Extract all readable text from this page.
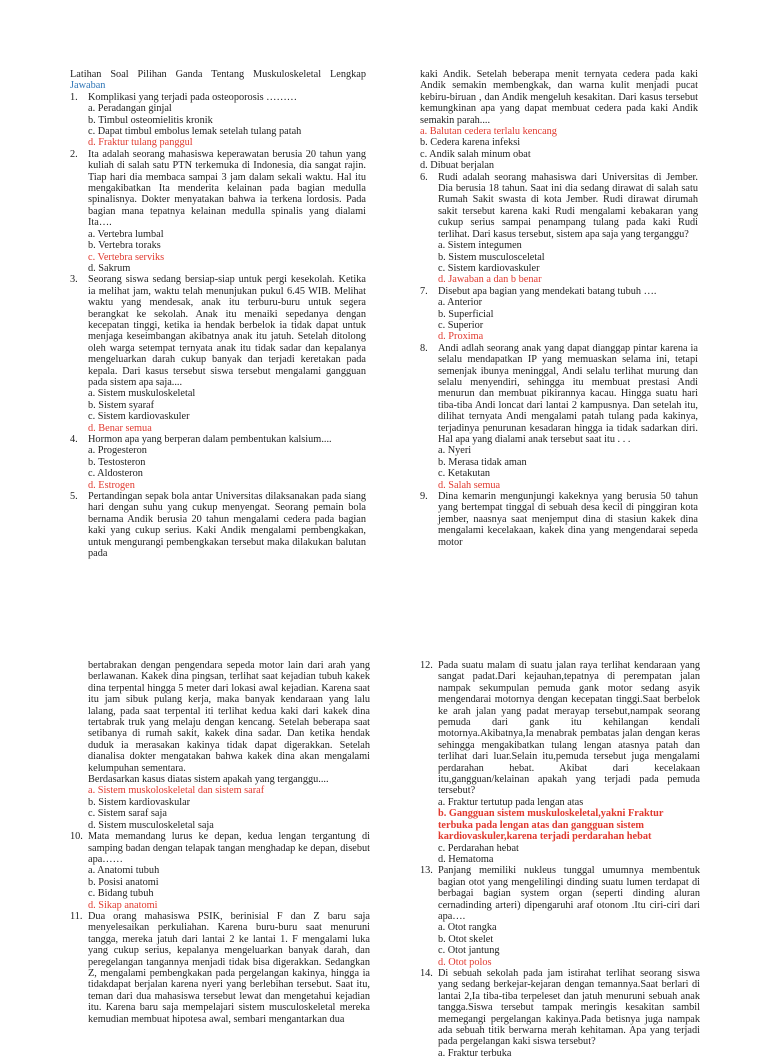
Latihan Soal Pilihan Ganda Tentang Muskuloskeletal Lengkap Jawaban
1. Komplikasi yang terjadi pada osteoporosis ………
a. Peradangan ginjal
b. Timbul osteomielitis kronik
c. Dapat timbul embolus lemak setelah tulang patah
d. Fraktur tulang panggul
2. Ita adalah seorang mahasiswa keperawatan berusia 20 tahun yang kuliah di salah satu PTN terkemuka di Indonesia, dia sangat rajin. Tiap hari dia membaca sampai 3 jam dalam sekali waktu. Hal itu mengakibatkan Ita menderita kelainan pada bagian medulla spinalisnya. Dokter menyatakan bahwa ia terkena lordosis. Pada bagian mana tepatnya kelainan medulla spinalis yang dialami Ita….
a. Vertebra lumbal
b. Vertebra toraks
c. Vertebra serviks
d. Sakrum
3. Seorang siswa sedang bersiap-siap untuk pergi kesekolah. Ketika ia melihat jam, waktu telah menunjukan pukul 6.45 WIB. Melihat waktu yang mendesak, anak itu terburu-buru untuk segera berangkat ke sekolah. Anak itu menaiki sepedanya dengan kecepatan tinggi, ketika ia hendak berbelok ia tidak dapat untuk menjaga keseimbangan akibatnya anak itu jatuh. Setelah ditolong oleh warga setempat ternyata anak itu tidak sadar dan kepalanya mengeluarkan darah cukup banyak dan terjadi keretakan pada kepala. Dari kasus tersebut siswa tersebut mengalami gangguan pada sistem apa saja....
a. Sistem muskuloskeletal
b. Sistem syaraf
c. Sistem kardiovaskuler
d. Benar semua
4. Hormon apa yang berperan dalam pembentukan kalsium....
a. Progesteron
b. Testosteron
c. Aldosteron
d. Estrogen
5. Pertandingan sepak bola antar Universitas dilaksanakan pada siang hari dengan suhu yang cukup menyengat. Seorang pemain bola bernama Andik berusia 20 tahun mengalami cedera pada bagian kaki yang cukup serius. Kaki Andik mengalami pembengkakan, untuk mengurangi pembengkakan tersebut maka dilakukan balutan pada
kaki Andik. Setelah beberapa menit ternyata cedera pada kaki Andik semakin membengkak, dan warna kulit menjadi pucat kebiru-biruan , dan Andik mengeluh kesakitan. Dari kasus tersebut kemungkinan apa yang dapat membuat cedera pada kaki Andik semakin parah....
a. Balutan cedera terlalu kencang
b. Cedera karena infeksi
c. Andik salah minum obat
d. Dibuat berjalan
6. Rudi adalah seorang mahasiswa dari Universitas di Jember. Dia berusia 18 tahun. Saat ini dia sedang dirawat di salah satu Rumah Sakit swasta di kota Jember. Rudi dirawat dirumah sakit tersebut karena kaki Rudi mengalami kebakaran yang cukup serius sampai penampang tulang pada kaki Rudi terlihat. Dari kasus tersebut, sistem apa saja yang terganggu?
a. Sistem integumen
b. Sistem musculosceletal
c. Sistem kardiovaskuler
d. Jawaban a dan b benar
7. Disebut apa bagian yang mendekati batang tubuh ….
a. Anterior
b. Superficial
c. Superior
d. Proxima
8. Andi adlah seorang anak yang dapat dianggap pintar karena ia selalu mendapatkan IP yang memuaskan selama ini, tetapi semenjak ibunya meninggal, Andi selalu terlihat murung dan selalu menyendiri, sehingga itu membuat prestasi Andi menurun dan membuat pikirannya kacau. Hingga suatu hari tiba-tiba Andi loncat dari lantai 2 kampusnya. Dan setelah itu, dilihat ternyata Andi mengalami patah tulang pada kakinya, terjadinya penurunan kesadaran hingga ia tidak sadarkan diri. Hal apa yang dialami anak tersebut saat itu . . .
a. Nyeri
b. Merasa tidak aman
c. Ketakutan
d. Salah semua
9. Dina kemarin mengunjungi kakeknya yang berusia 50 tahun yang bertempat tinggal di sebuah desa kecil di pinggiran kota jember, naasnya saat menjemput dina di stasiun kakek dina mengalami kecelakaan, kakek dina yang mengendarai sepeda motor
bertabrakan dengan pengendara sepeda motor lain dari arah yang berlawanan. Kakek dina pingsan, terlihat saat kejadian tubuh kakek dina terpental hingga 5 meter dari lokasi awal kejadian. Karena saat itu jam sibuk pulang kerja, maka banyak kendaraan yang lalu lalang, pada saat terpental iti terlihat kedua kaki dari kakek dina tertabrak truk yang melaju dengan kencang. Setelah beberapa saat setibanya di rumah sakit, kakek dina sadar. Dan ketika hendak duduk ia merasakan kakinya tidak dapat digerakkan. Setelah dianalisa dokter mengatakan bahwa kakek dina akan mengalami kelumpuhan sementara.
Berdasarkan kasus diatas sistem apakah yang terganggu....
a. Sistem muskoloskeletal dan sistem saraf
b. Sistem kardiovaskular
c. Sistem saraf saja
d. Sistem musculoskeletal saja
10. Mata memandang lurus ke depan, kedua lengan tergantung di samping badan dengan telapak tangan menghadap ke depan, disebut apa……
a. Anatomi tubuh
b. Posisi anatomi
c. Bidang tubuh
d. Sikap anatomi
11. Dua orang mahasiswa PSIK, berinisial F dan Z baru saja menyelesaikan perkuliahan. Karena buru-buru saat menuruni tangga, mereka jatuh dari lantai 2 ke lantai 1. F mengalami luka yang cukup serius, kepalanya mengeluarkan banyak darah, dan peregelangan tangannya menjadi tidak bisa digerakkan. Sedangkan Z, mengalami pembengkakan pada pergelangan kakinya, hingga ia tidakdapat berjalan karena nyeri yang berlebihan tersebut. Saat itu, teman dari dua mahasiswa tersebut lewat dan mengetahui kejadian itu. Karena baru saja mempelajari sistem musculoskeletal mereka kemudian membuat hipotesa awal, sembari mengantarkan dua
12. Pada suatu malam di suatu jalan raya terlihat kendaraan yang sangat padat.Dari kejauhan,tepatnya di perempatan jalan nampak sekumpulan pemuda gank motor sedang asyik mengendarai motornya dengan kecepatan tinggi.Saat berbelok ke arah jalan yang padat merayap tersebut,nampak seorang pemuda dari gank itu kehilangan kendali motornya.Akibatnya,Ia menabrak pembatas jalan dengan keras sehingga mengakibatkan tulang lengan atasnya patah dan terlihat dari luar.Selain itu,pemuda tersebut juga mengalami perdarahan hebat. Akibat dari kecelakaan itu,gangguan/kelainan apakah yang terjadi pada pemuda tersebut?
a. Fraktur tertutup pada lengan atas
b. Gangguan sistem muskuloskeletal,yakni Fraktur terbuka pada lengan atas dan gangguan sistem kardiovaskuler,karena terjadi perdarahan hebat
c. Perdarahan hebat
d. Hematoma
13. Panjang memiliki nukleus tunggal umumnya membentuk bagian otot yang mengelilingi dinding suatu lumen terdapat di berbagai bagian system organ (seperti dinding aluran cernadinding arteri) dipengaruhi araf otonom .Itu ciri-ciri dari apa….
a. Otot rangka
b. Otot skelet
c. Otot jantung
d. Otot polos
14. Di sebuah sekolah pada jam istirahat terlihat seorang siswa yang sedang berkejar-kejaran dengan temannya.Saat berlari di lantai 2,Ia tiba-tiba terpeleset dan jatuh menuruni sebuah anak tangga.Siswa tersebut tampak meringis kesakitan sambil memegangi pergelangan kakinya.Pada betisnya juga nampak ada sebuah titik berwarna merah kehitaman. Apa yang terjadi pada pergelangan kaki siswa tersebut?
a. Fraktur terbuka
